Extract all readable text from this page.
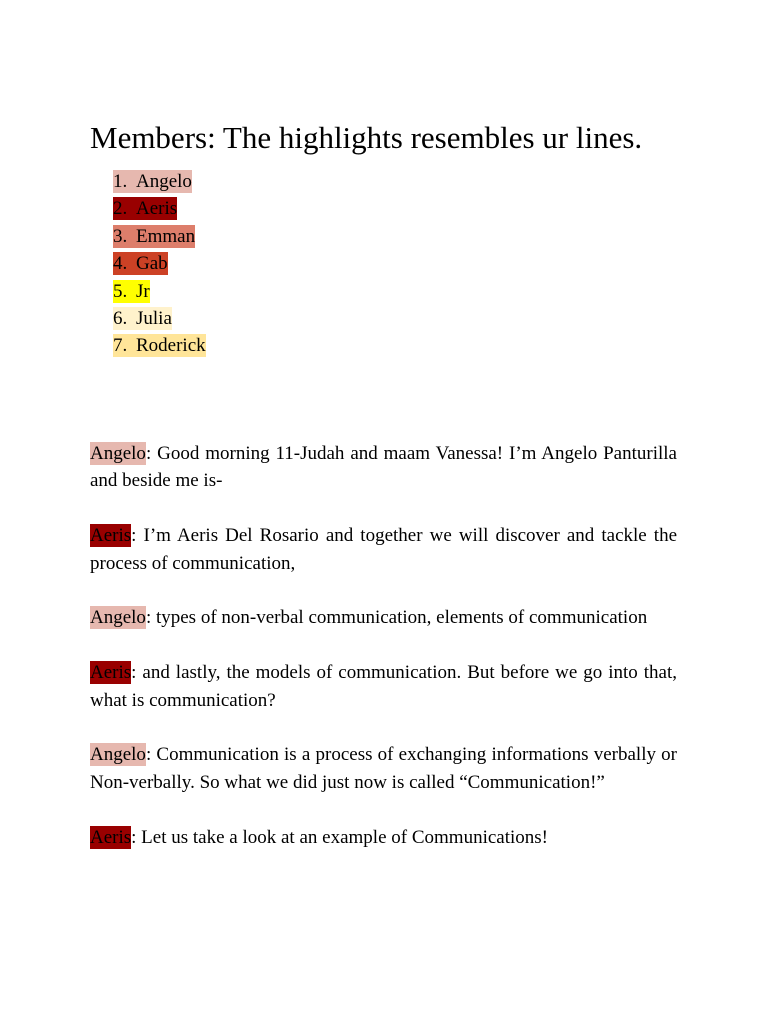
Members: The highlights resembles ur lines.
1. Angelo
2. Aeris
3. Emman
4. Gab
5. Jr
6. Julia
7. Roderick

Angelo: Good morning 11-Judah and maam Vanessa! I’m Angelo Panturilla and beside me is-

Aeris: I’m Aeris Del Rosario and together we will discover and tackle the process of communication,

Angelo: types of non-verbal communication, elements of communication

Aeris: and lastly, the models of communication. But before we go into that, what is communication?

Angelo: Communication is a process of exchanging informations verbally or Non-verbally. So what we did just now is called “Communication!”

Aeris: Let us take a look at an example of Communications!
